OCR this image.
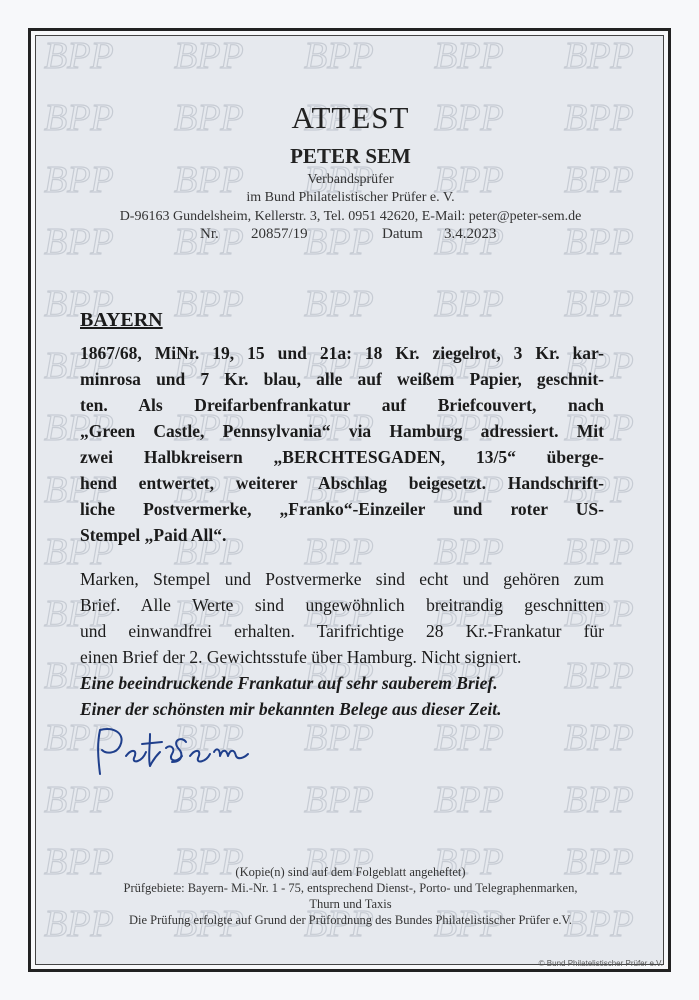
ATTEST
PETER SEM
Verbandsprüfer
im Bund Philatelistischer Prüfer e. V.
D-96163 Gundelsheim, Kellerstr. 3, Tel. 0951 42620, E-Mail: peter@peter-sem.de
Nr. 20857/19	Datum 3.4.2023
BAYERN
1867/68, MiNr. 19, 15 und 21a: 18 Kr. ziegelrot, 3 Kr. kar-
minrosa und 7 Kr. blau, alle auf weißem Papier, geschnit-
ten. Als Dreifarbenfrankatur auf Briefcouvert, nach
„Green Castle, Pennsylvania“ via Hamburg adressiert. Mit
zwei Halbkreisern „BERCHTESGADEN, 13/5“ überge-
hend entwertet, weiterer Abschlag beigesetzt. Handschrift-
liche Postvermerke, „Franko“-Einzeiler und roter US-
Stempel „Paid All“.
Marken, Stempel und Postvermerke sind echt und gehören zum
Brief. Alle Werte sind ungewöhnlich breitrandig geschnitten
und einwandfrei erhalten. Tarifrichtige 28 Kr.-Frankatur für
einen Brief der 2. Gewichtsstufe über Hamburg. Nicht signiert.
Eine beeindruckende Frankatur auf sehr sauberem Brief.
Einer der schönsten mir bekannten Belege aus dieser Zeit.
(Kopie(n) sind auf dem Folgeblatt angeheftet)
Prüfgebiete: Bayern- Mi.-Nr. 1 - 75, entsprechend Dienst-, Porto- und Telegraphenmarken,
Thurn und Taxis
Die Prüfung erfolgte auf Grund der Prüfordnung des Bundes Philatelistischer Prüfer e.V.
© Bund Philatelistischer Prüfer e.V.
